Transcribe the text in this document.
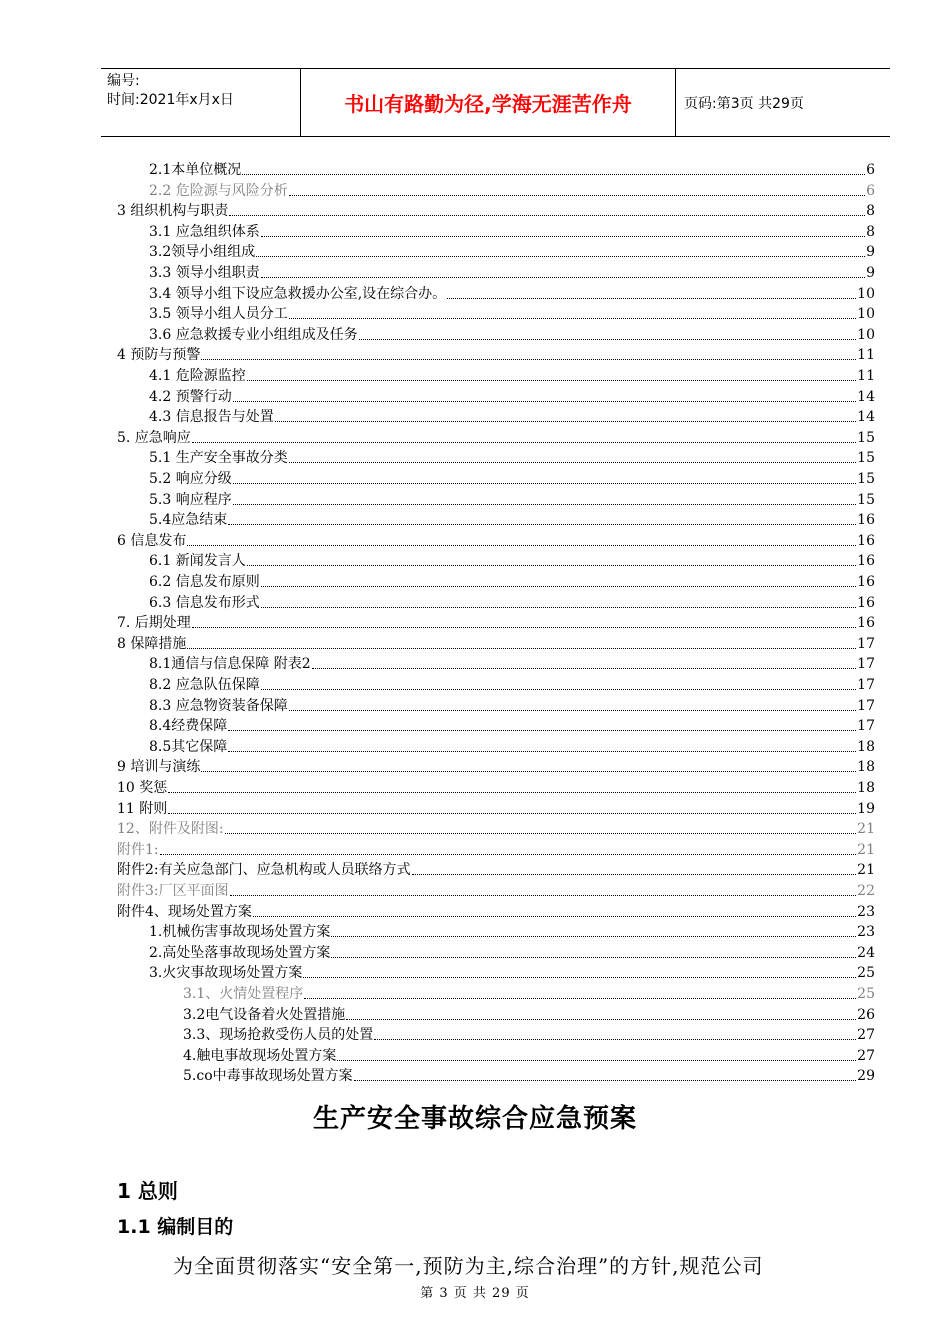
编号:
时间:2021年x月x日	书山有路勤为径,学海无涯苦作舟	页码:第3页 共29页
2.1本单位概况	6
2.2 危险源与风险分析	6
3 组织机构与职责	8
3.1 应急组织体系	8
3.2领导小组组成	9
3.3 领导小组职责	9
3.4 领导小组下设应急救援办公室,设在综合办。	10
3.5 领导小组人员分工	10
3.6 应急救援专业小组组成及任务	10
4 预防与预警	11
4.1 危险源监控	11
4.2 预警行动	14
4.3 信息报告与处置	14
5. 应急响应	15
5.1 生产安全事故分类	15
5.2 响应分级	15
5.3 响应程序	15
5.4应急结束	16
6 信息发布	16
6.1 新闻发言人	16
6.2 信息发布原则	16
6.3 信息发布形式	16
7. 后期处理	16
8 保障措施	17
8.1通信与信息保障 附表2	17
8.2 应急队伍保障	17
8.3 应急物资装备保障	17
8.4经费保障	17
8.5其它保障	18
9 培训与演练	18
10 奖惩	18
11 附则	19
12、附件及附图:	21
附件1:	21
附件2:有关应急部门、应急机构或人员联络方式	21
附件3:厂区平面图	22
附件4、现场处置方案	23
1.机械伤害事故现场处置方案	23
2.高处坠落事故现场处置方案	24
3.火灾事故现场处置方案	25
3.1、火情处置程序	25
3.2电气设备着火处置措施	26
3.3、现场抢救受伤人员的处置	27
4.触电事故现场处置方案	27
5.co中毒事故现场处置方案	29
生产安全事故综合应急预案
1 总则
1.1 编制目的
为全面贯彻落实“安全第一,预防为主,综合治理”的方针,规范公司
第 3 页 共 29 页
